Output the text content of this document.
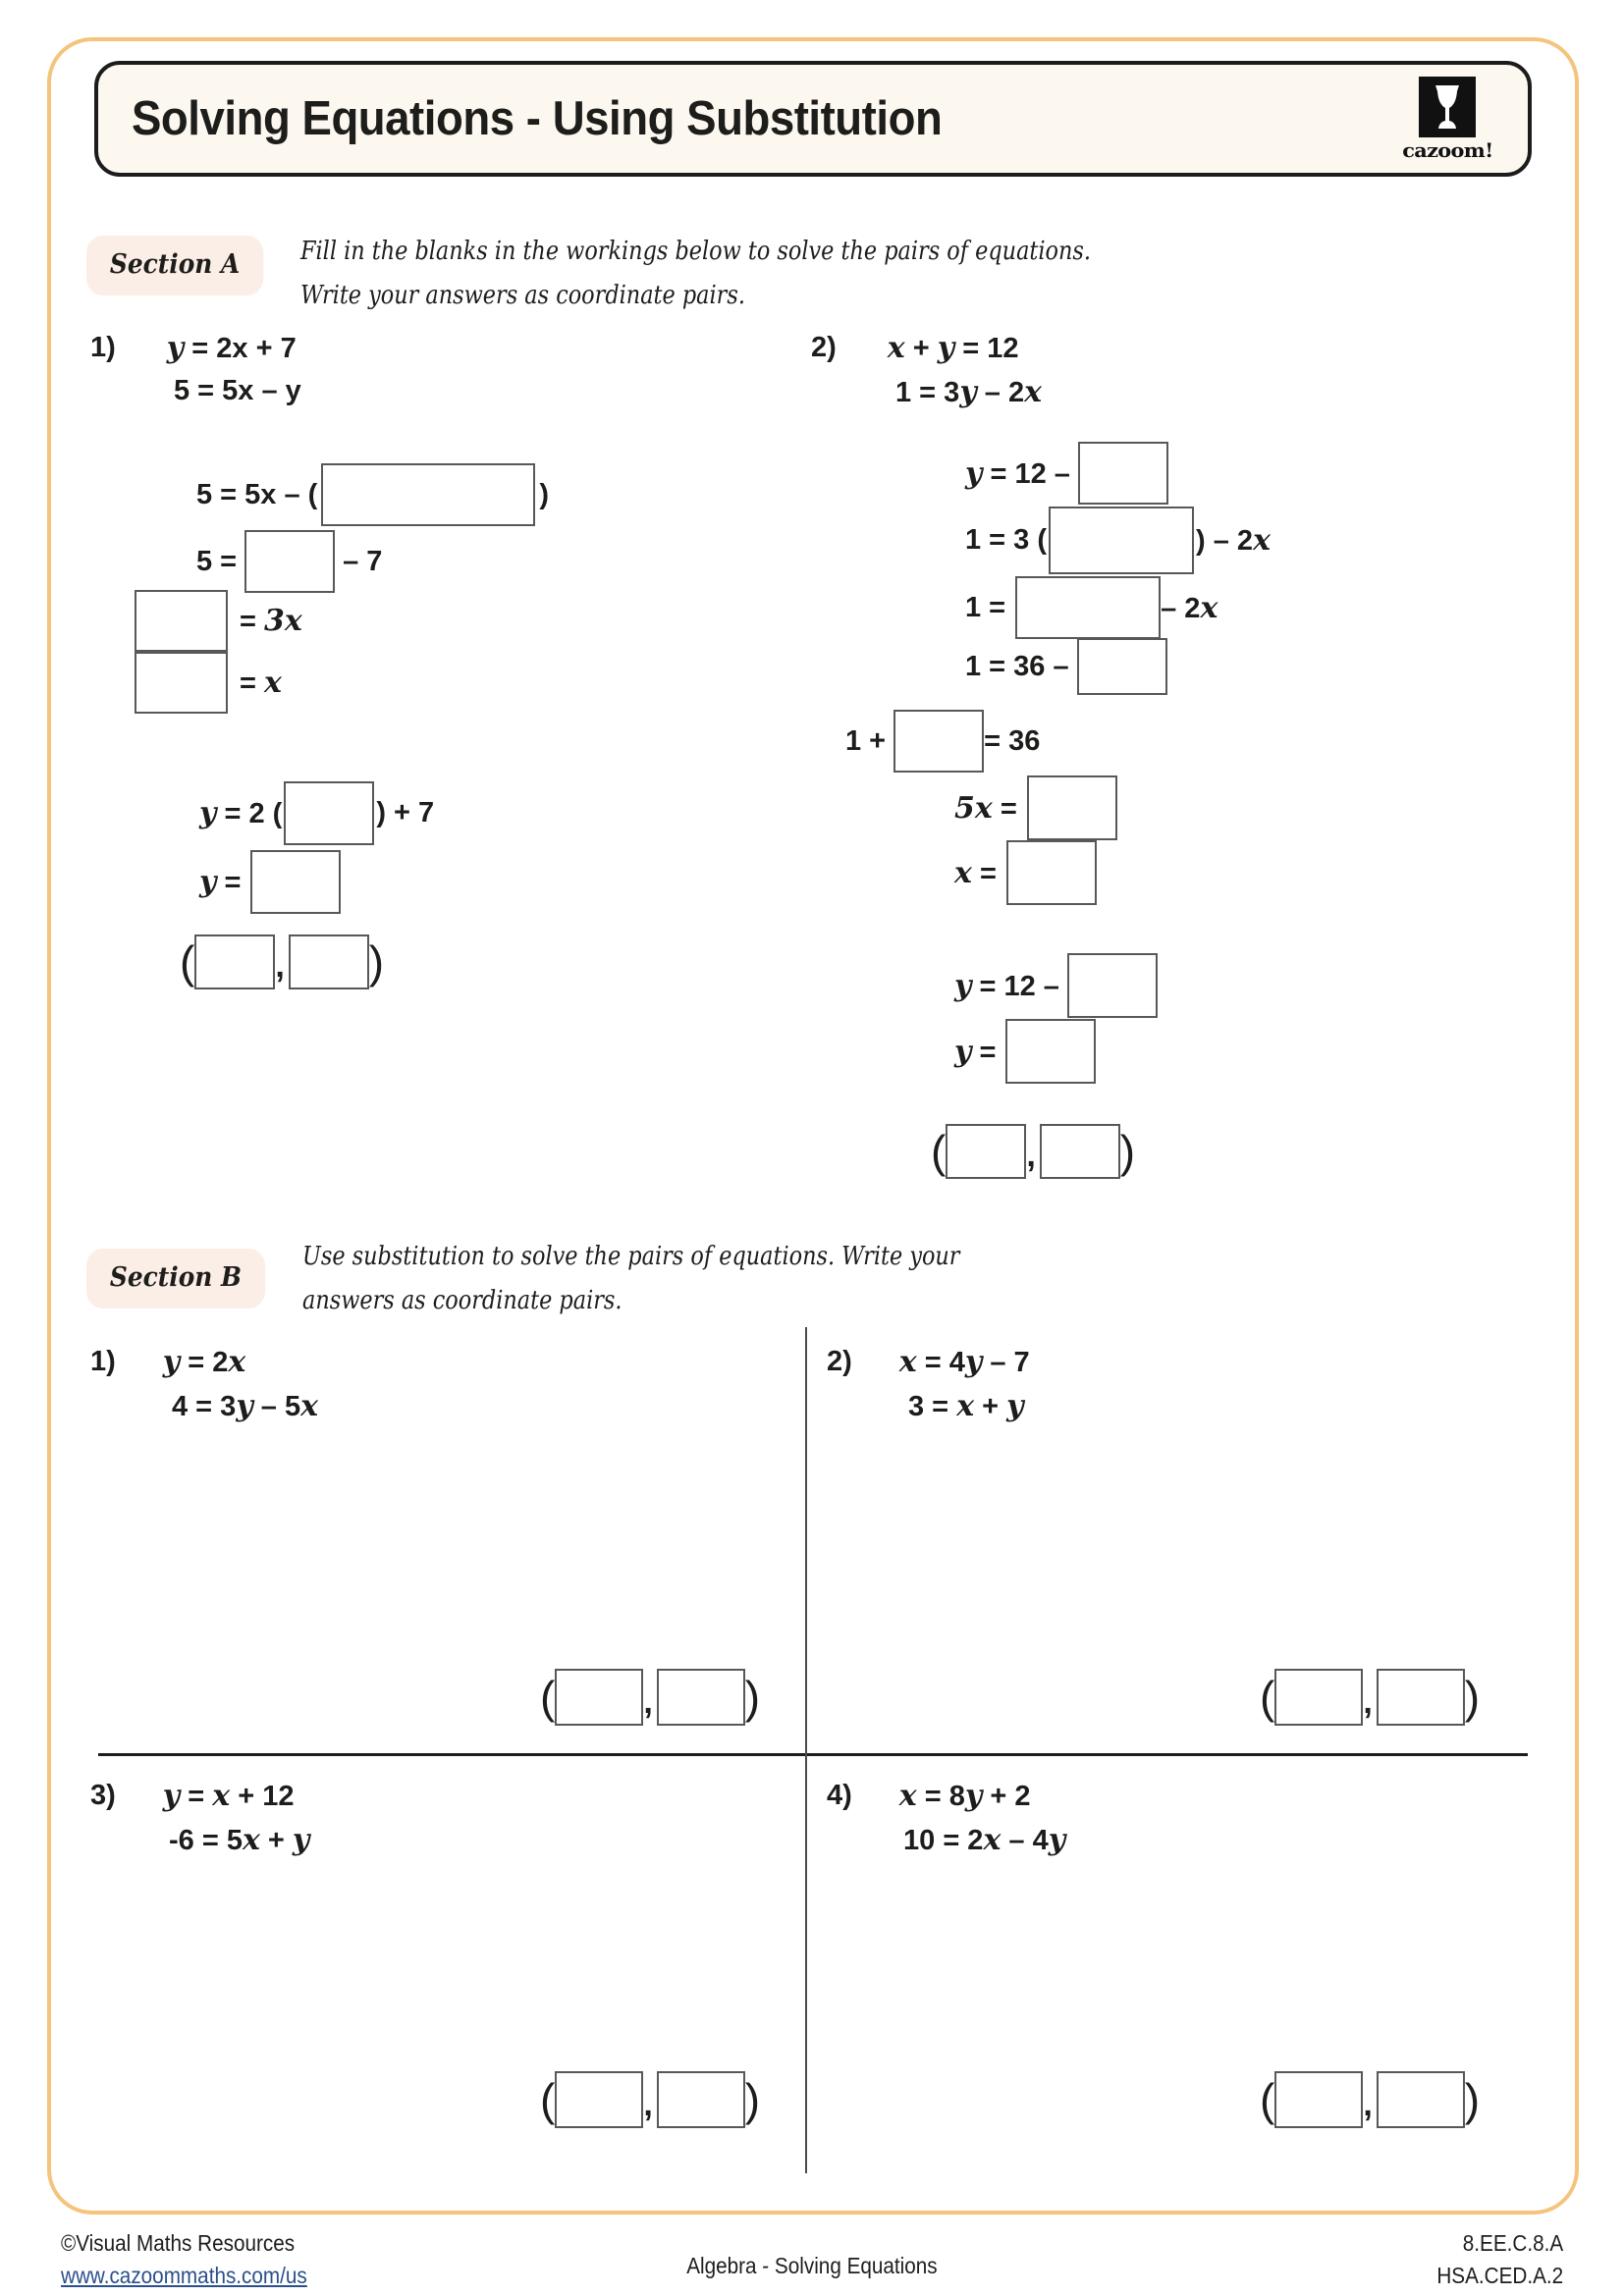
Solving Equations - Using Substitution
cazoom!
Section A	Fill in the blanks in the workings below to solve the pairs of equations.
Write your answers as coordinate pairs.
1) y = 2x + 7
5 = 5x – y
5 = 5x – (	)
5 =	– 7
= 3x
= x
y = 2 (	) + 7
y =
( , )
2) x + y = 12
1 = 3y – 2x
y = 12 –
1 = 3 (	) – 2x
1 =	– 2x
1 = 36 –
1 +	= 36
5x =
x =
y = 12 –
y =
( , )
Section B
Use substitution to solve the pairs of equations. Write your
answers as coordinate pairs.
1) y = 2x
4 = 3y – 5x
(	, )
2) x = 4y – 7
3 = x + y
(	, )
3) y = x + 12
-6 = 5x + y
(	, )
4) x = 8y + 2
10 = 2x – 4y
(	, )
©Visual Maths Resources
www.cazoommaths.com/us	Algebra - Solving Equations
8.EE.C.8.A
HSA.CED.A.2
